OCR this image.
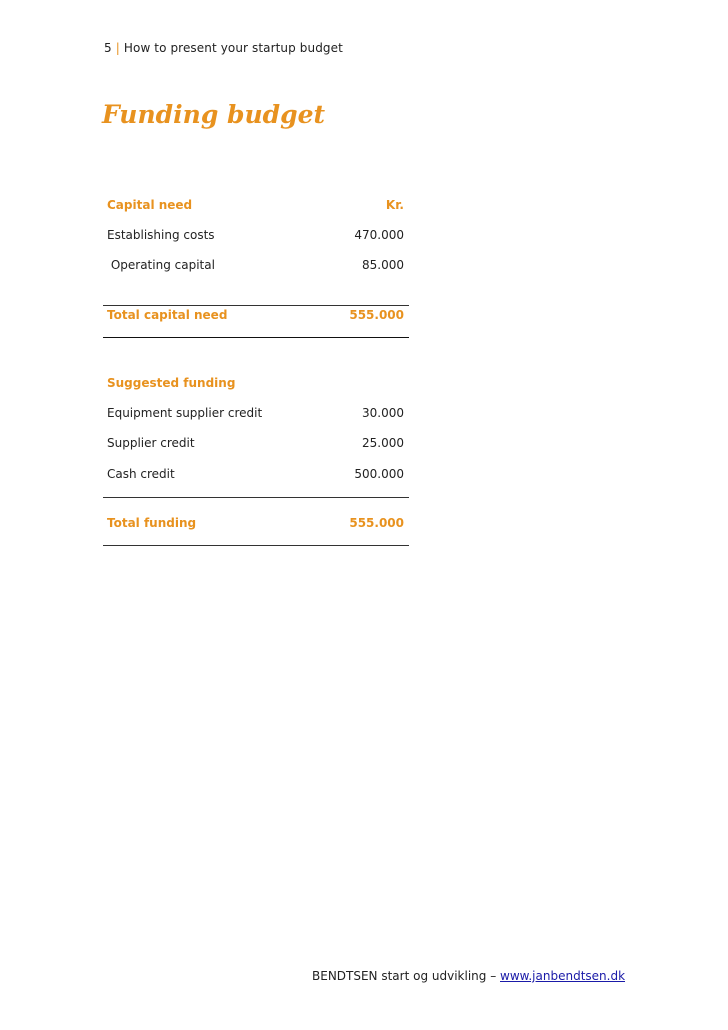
5 | How to present your startup budget
Funding budget
Capital need	Kr.
Establishing costs	470.000
Operating capital	85.000
Total capital need	555.000
Suggested funding
Equipment supplier credit	30.000
Supplier credit	25.000
Cash credit	500.000
Total funding	555.000
BENDTSEN start og udvikling – www.janbendtsen.dk
